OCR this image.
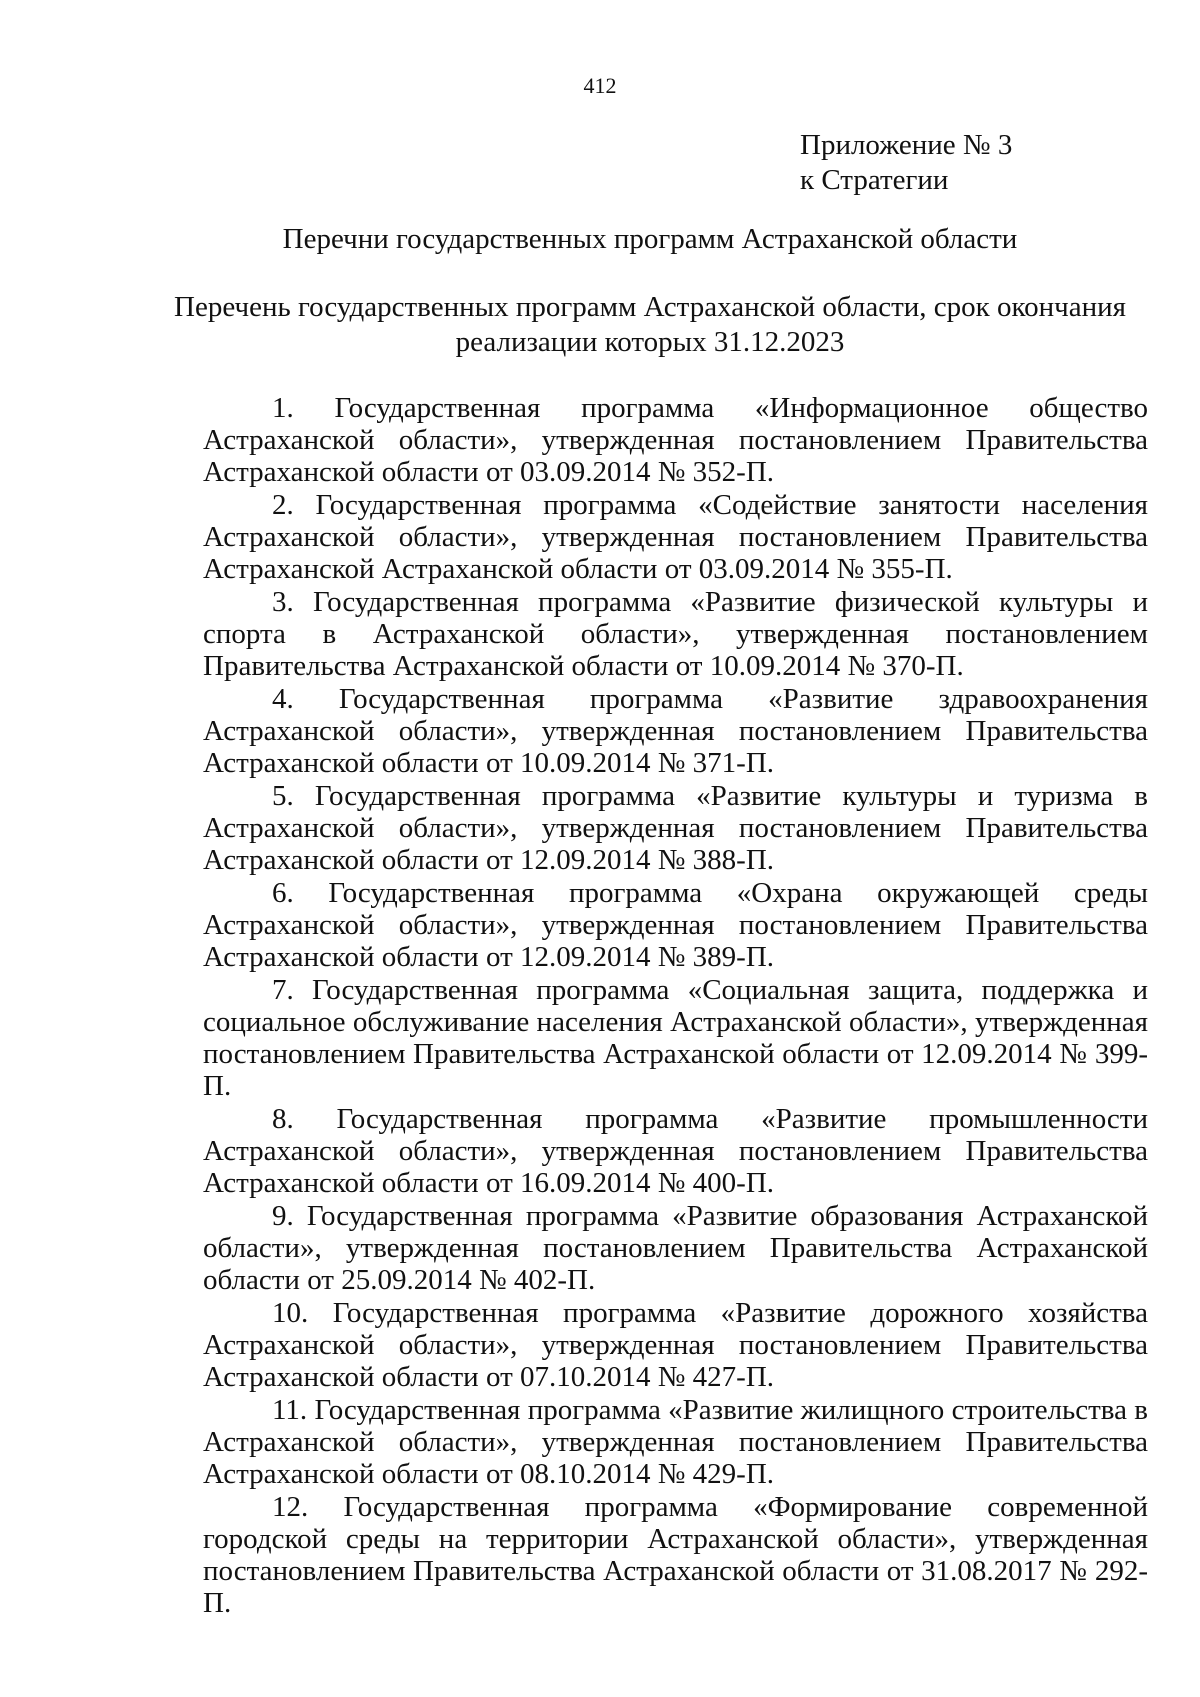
412
Приложение № 3
к Стратегии
Перечни государственных программ Астраханской области
Перечень государственных программ Астраханской области, срок окончания
реализации которых 31.12.2023

1. Государственная программа «Информационное общество Астраханской области», утвержденная постановлением Правительства Астраханской области от 03.09.2014 № 352-П.

2. Государственная программа «Содействие занятости населения Астраханской области», утвержденная постановлением Правительства Астраханской Астраханской области от 03.09.2014 № 355-П.

3. Государственная программа «Развитие физической культуры и спорта в Астраханской области», утвержденная постановлением Правительства Астраханской области от 10.09.2014 № 370-П.

4. Государственная программа «Развитие здравоохранения Астраханской области», утвержденная постановлением Правительства Астраханской области от 10.09.2014 № 371-П.

5. Государственная программа «Развитие культуры и туризма в Астраханской области», утвержденная постановлением Правительства Астраханской области от 12.09.2014 № 388-П.

6. Государственная программа «Охрана окружающей среды Астраханской области», утвержденная постановлением Правительства Астраханской области от 12.09.2014 № 389-П.

7. Государственная программа «Социальная защита, поддержка и социальное обслуживание населения Астраханской области», утвержденная постановлением Правительства Астраханской области от 12.09.2014 № 399-П.

8. Государственная программа «Развитие промышленности Астраханской области», утвержденная постановлением Правительства Астраханской области от 16.09.2014 № 400-П.

9. Государственная программа «Развитие образования Астраханской области», утвержденная постановлением Правительства Астраханской области от 25.09.2014 № 402-П.

10. Государственная программа «Развитие дорожного хозяйства Астраханской области», утвержденная постановлением Правительства Астраханской области от 07.10.2014 № 427-П.

11. Государственная программа «Развитие жилищного строительства в Астраханской области», утвержденная постановлением Правительства Астраханской области от 08.10.2014 № 429-П.

12. Государственная программа «Формирование современной городской среды на территории Астраханской области», утвержденная постановлением Правительства Астраханской области от 31.08.2017 № 292-П.
